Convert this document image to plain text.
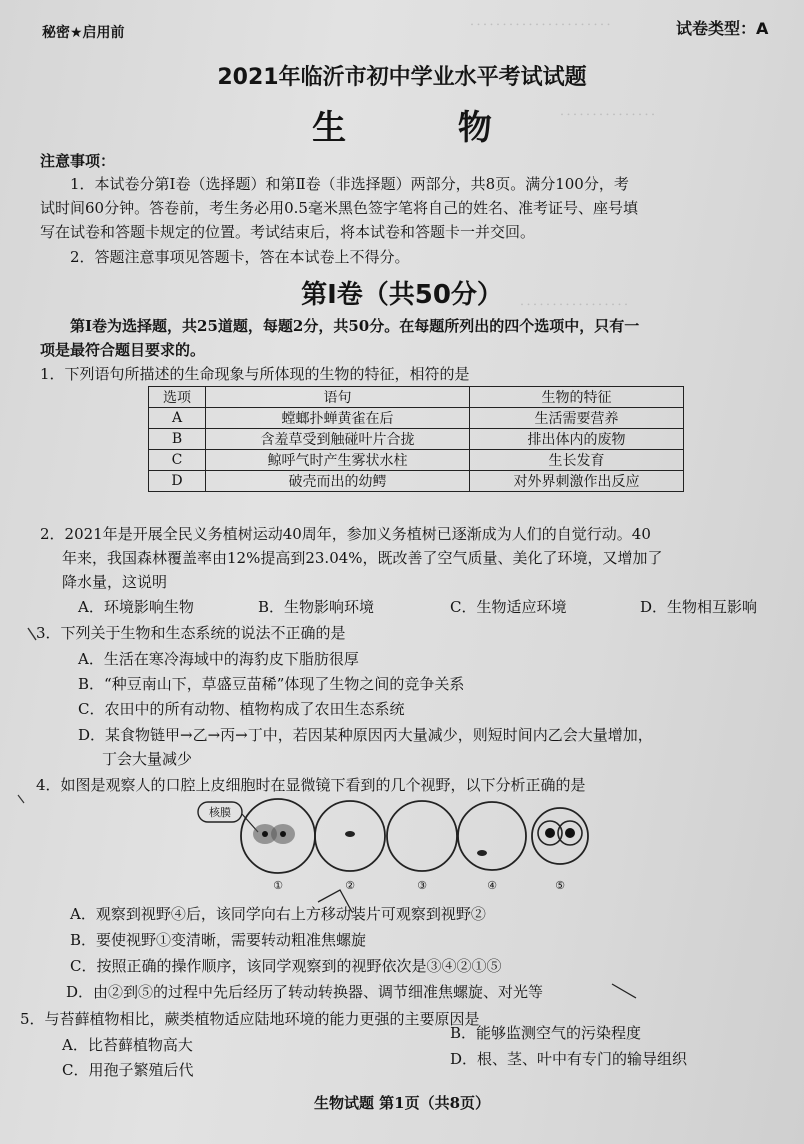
．．．．．．．．．．．．．．．．．．．．．．
．．．．．．．．．．．．．．．
．．．．．．．．．．．．．．．．．
秘密★启用前	试卷类型：A
2021年临沂市初中学业水平考试试题
生 物
注意事项：
1．本试卷分第Ⅰ卷（选择题）和第Ⅱ卷（非选择题）两部分，共8页。满分100分，考
试时间60分钟。答卷前，考生务必用0.5毫米黑色签字笔将自己的姓名、准考证号、座号填
写在试卷和答题卡规定的位置。考试结束后，将本试卷和答题卡一并交回。
2．答题注意事项见答题卡，答在本试卷上不得分。
第Ⅰ卷（共50分）
第Ⅰ卷为选择题，共25道题，每题2分，共50分。在每题所列出的四个选项中，只有一
项是最符合题目要求的。
1．下列语句所描述的生命现象与所体现的生物的特征，相符的是
选项	语句	生物的特征
A	螳螂扑蝉黄雀在后	生活需要营养
B	含羞草受到触碰叶片合拢	排出体内的废物
C	鲸呼气时产生雾状水柱	生长发育
D	破壳而出的幼鳄	对外界刺激作出反应
2．2021年是开展全民义务植树运动40周年，参加义务植树已逐渐成为人们的自觉行动。40
年来，我国森林覆盖率由12%提高到23.04%，既改善了空气质量、美化了环境，又增加了
降水量，这说明
A．环境影响生物	B．生物影响环境	C．生物适应环境	D．生物相互影响
3．下列关于生物和生态系统的说法不正确的是
A．生活在寒冷海域中的海豹皮下脂肪很厚
B．“种豆南山下，草盛豆苗稀”体现了生物之间的竞争关系
C．农田中的所有动物、植物构成了农田生态系统
D．某食物链甲→乙→丙→丁中，若因某种原因丙大量减少，则短时间内乙会大量增加，
丁会大量减少
4．如图是观察人的口腔上皮细胞时在显微镜下看到的几个视野，以下分析正确的是
核膜
①	②	③	④	⑤
A．观察到视野④后，该同学向右上方移动装片可观察到视野②
B．要使视野①变清晰，需要转动粗准焦螺旋
C．按照正确的操作顺序，该同学观察到的视野依次是③④②①⑤
D．由②到⑤的过程中先后经历了转动转换器、调节细准焦螺旋、对光等
5．与苔藓植物相比，蕨类植物适应陆地环境的能力更强的主要原因是
A．比苔藓植物高大
B．能够监测空气的污染程度
C．用孢子繁殖后代
D．根、茎、叶中有专门的输导组织
生物试题 第1页（共8页）
